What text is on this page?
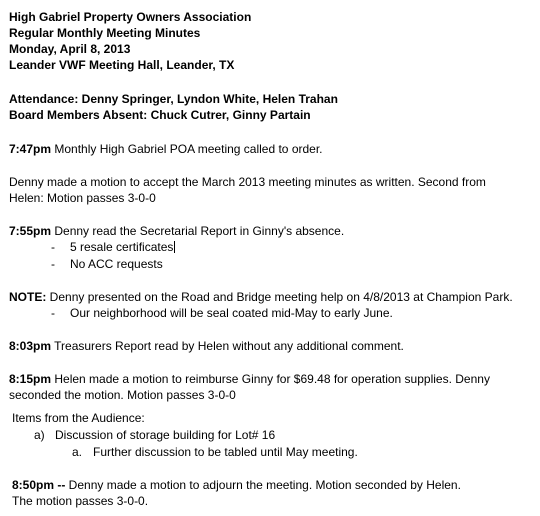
High Gabriel Property Owners Association
Regular Monthly Meeting Minutes
Monday, April 8, 2013
Leander VWF Meeting Hall, Leander, TX
Attendance: Denny Springer, Lyndon White, Helen Trahan
Board Members Absent: Chuck Cutrer, Ginny Partain
7:47pm Monthly High Gabriel POA meeting called to order.
Denny made a motion to accept the March 2013 meeting minutes as written. Second from
Helen: Motion passes 3-0-0
7:55pm Denny read the Secretarial Report in Ginny's absence.
- 5 resale certificates
- No ACC requests
NOTE: Denny presented on the Road and Bridge meeting help on 4/8/2013 at Champion Park.
- Our neighborhood will be seal coated mid-May to early June.
8:03pm Treasurers Report read by Helen without any additional comment.
8:15pm Helen made a motion to reimburse Ginny for $69.48 for operation supplies. Denny
seconded the motion. Motion passes 3-0-0
Items from the Audience:
a) Discussion of storage building for Lot# 16
a. Further discussion to be tabled until May meeting.
8:50pm -- Denny made a motion to adjourn the meeting. Motion seconded by Helen.
The motion passes 3-0-0.
